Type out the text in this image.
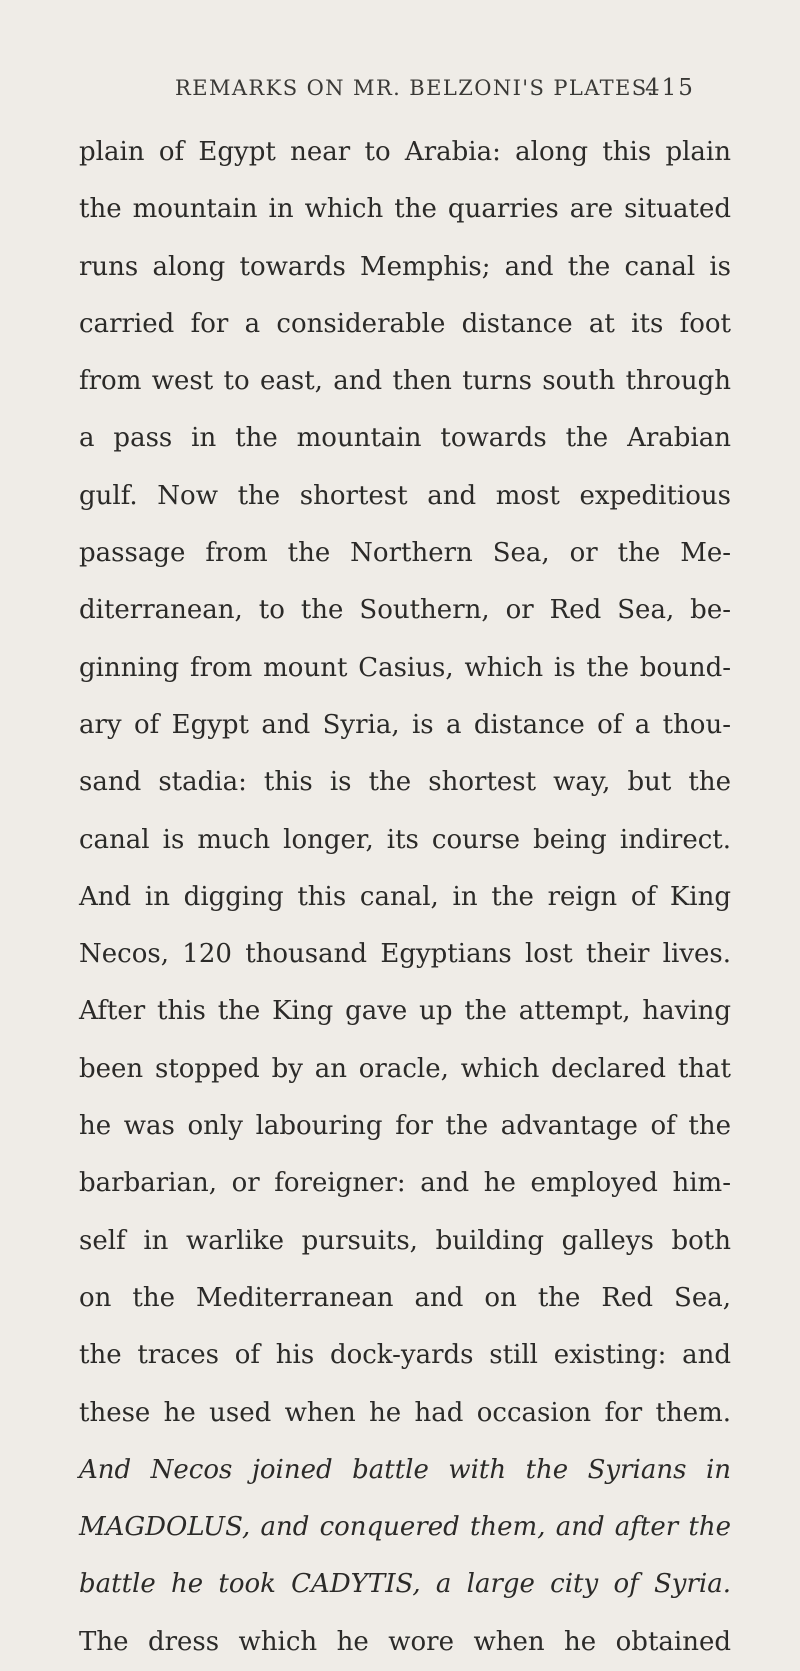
REMARKS ON MR. BELZONI'S PLATES.
415
plain of Egypt near to Arabia: along this plain
the mountain in which the quarries are situated
runs along towards Memphis; and the canal is
carried for a considerable distance at its foot
from west to east, and then turns south through
a pass in the mountain towards the Arabian
gulf. Now the shortest and most expeditious
passage from the Northern Sea, or the Me-
diterranean, to the Southern, or Red Sea, be-
ginning from mount Casius, which is the bound-
ary of Egypt and Syria, is a distance of a thou-
sand stadia: this is the shortest way, but the
canal is much longer, its course being indirect.
And in digging this canal, in the reign of King
Necos, 120 thousand Egyptians lost their lives.
After this the King gave up the attempt, having
been stopped by an oracle, which declared that
he was only labouring for the advantage of the
barbarian, or foreigner: and he employed him-
self in warlike pursuits, building galleys both
on the Mediterranean and on the Red Sea,
the traces of his dock-yards still existing: and
these he used when he had occasion for them.
And Necos joined battle with the Syrians in
MAGDOLUS, and conquered them, and after the
battle he took CADYTIS, a large city of Syria.
The dress which he wore when he obtained
